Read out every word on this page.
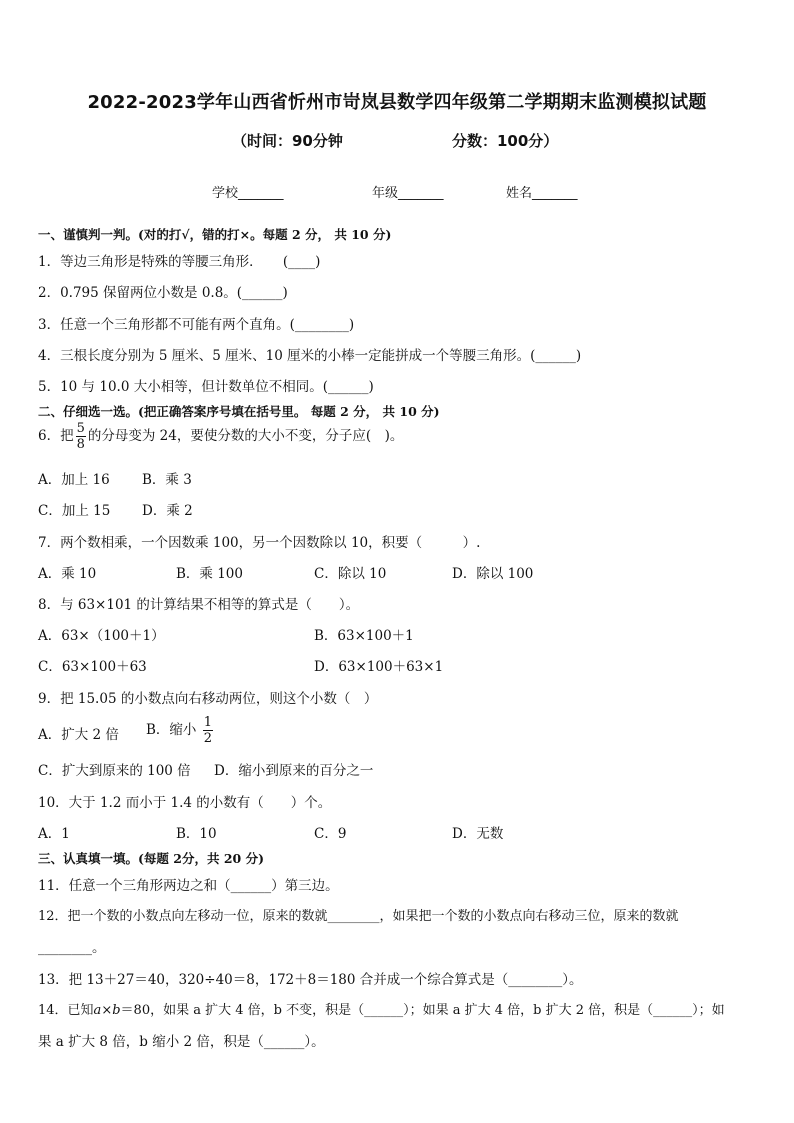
2022-2023学年山西省忻州市岢岚县数学四年级第二学期期末监测模拟试题
（时间：90分钟	分数：100分）
学校_______	年级_______	姓名_______
一、谨慎判一判。(对的打√，错的打×。每题 2 分， 共 10 分)
1．等边三角形是特殊的等腰三角形．　　(____)
2．0.795 保留两位小数是 0.8。(______)
3．任意一个三角形都不可能有两个直角。(________)
4．三根长度分别为 5 厘米、5 厘米、10 厘米的小棒一定能拼成一个等腰三角形。(______)
5．10 与 10.0 大小相等，但计数单位不相同。(______)
二、仔细选一选。(把正确答案序号填在括号里。 每题 2 分， 共 10 分)
6．把 $\frac{5}{8}$ 的分母变为 24，要使分数的大小不变，分子应(　)。
A．加上 16 B．乘 3
C．加上 15 D．乘 2
7．两个数相乘，一个因数乘 100，另一个因数除以 10，积要（　　　）.
A．乘 10	B．乘 100	C．除以 10	D．除以 100
8．与 63×101 的计算结果不相等的算式是（　　）。
A．63×（100＋1）	B．63×100＋1
C．63×100＋63	D．63×100＋63×1
9．把 15.05 的小数点向右移动两位，则这个小数（　）
A．扩大 2 倍 B．缩小 $\frac{1}{2}$
C．扩大到原来的 100 倍 D．缩小到原来的百分之一
10．大于 1.2 而小于 1.4 的小数有（　　）个。
A．1	B．10	C．9	D．无数
三、认真填一填。(每题 2分，共 20 分)
11．任意一个三角形两边之和（______）第三边。
12．把一个数的小数点向左移动一位，原来的数就________，如果把一个数的小数点向右移动三位，原来的数就
________。
13．把 13＋27＝40，320÷40＝8，172＋8＝180 合并成一个综合算式是（________）。
14．已知a×b＝80，如果 a 扩大 4 倍，b 不变，积是（______）；如果 a 扩大 4 倍，b 扩大 2 倍，积是（______）；如
果 a 扩大 8 倍，b 缩小 2 倍，积是（______）。
